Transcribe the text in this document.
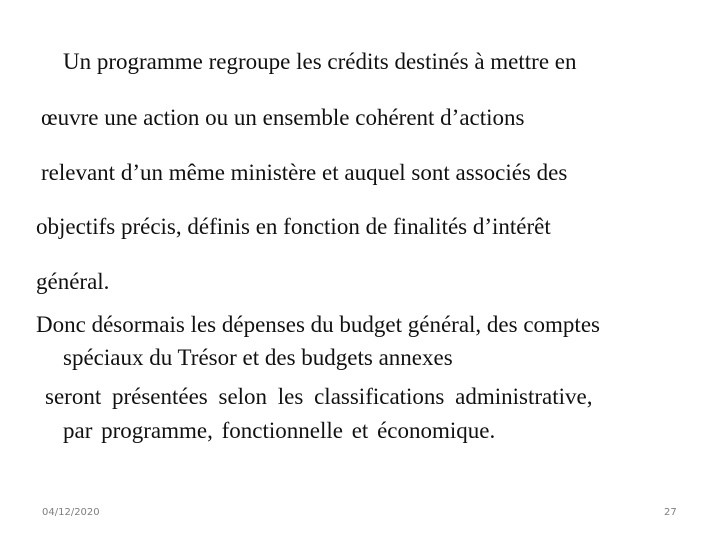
Un programme regroupe les crédits destinés à mettre en
œuvre une action ou un ensemble cohérent d’actions
relevant d’un même ministère et auquel sont associés des
objectifs précis, définis en fonction de finalités d’intérêt
général.
Donc désormais les dépenses du budget général, des comptes
spéciaux du Trésor et des budgets annexes
seront présentées selon les classifications administrative,
par programme, fonctionnelle et économique.
04/12/2020	27
